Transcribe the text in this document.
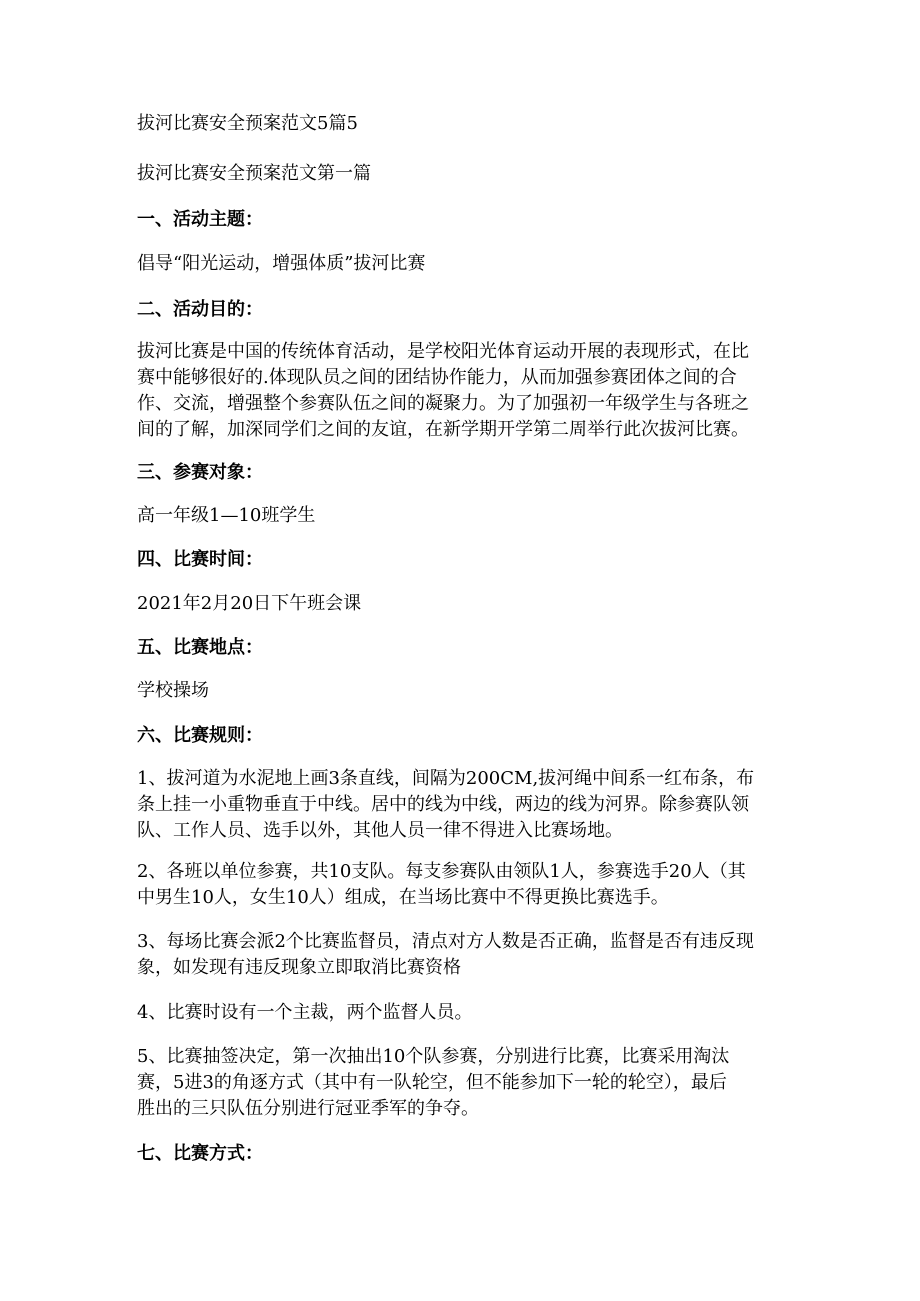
拔河比赛安全预案范文5篇5

拔河比赛安全预案范文第一篇

一、活动主题：

倡导“阳光运动，增强体质”拔河比赛

二、活动目的：

拔河比赛是中国的传统体育活动，是学校阳光体育运动开展的表现形式，在比
赛中能够很好的.体现队员之间的团结协作能力，从而加强参赛团体之间的合
作、交流，增强整个参赛队伍之间的凝聚力。为了加强初一年级学生与各班之
间的了解，加深同学们之间的友谊，在新学期开学第二周举行此次拔河比赛。

三、参赛对象：

高一年级1—10班学生

四、比赛时间：

2021年2月20日下午班会课

五、比赛地点：

学校操场

六、比赛规则：

1、拔河道为水泥地上画3条直线，间隔为200CM,拔河绳中间系一红布条，布
条上挂一小重物垂直于中线。居中的线为中线，两边的线为河界。除参赛队领
队、工作人员、选手以外，其他人员一律不得进入比赛场地。
2、各班以单位参赛，共10支队。每支参赛队由领队1人，参赛选手20人（其
中男生10人，女生10人）组成，在当场比赛中不得更换比赛选手。
3、每场比赛会派2个比赛监督员，清点对方人数是否正确，监督是否有违反现
象，如发现有违反现象立即取消比赛资格
4、比赛时设有一个主裁，两个监督人员。
5、比赛抽签决定，第一次抽出10个队参赛，分别进行比赛，比赛采用淘汰
赛，5进3的角逐方式（其中有一队轮空，但不能参加下一轮的轮空），最后
胜出的三只队伍分别进行冠亚季军的争夺。

七、比赛方式：
